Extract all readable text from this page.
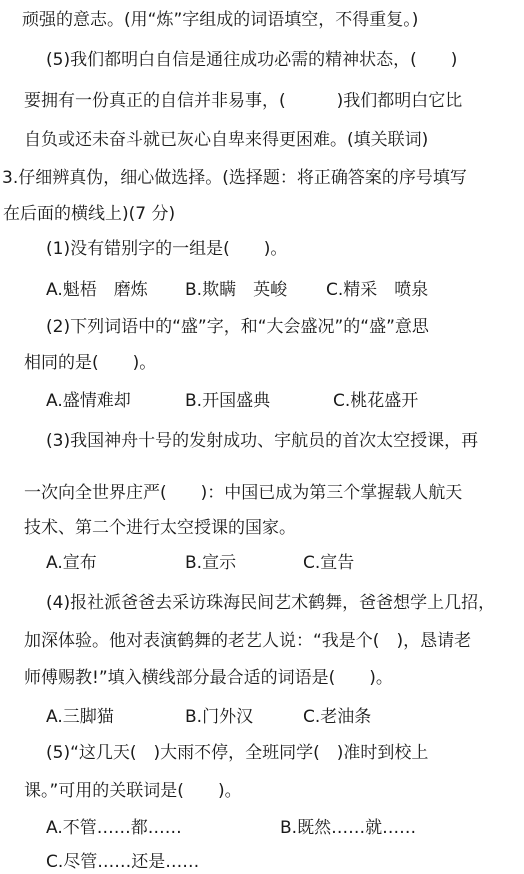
顽强的意志。(用“炼”字组成的词语填空，不得重复。)
(5)我们都明白自信是通往成功必需的精神状态，(　　)
要拥有一份真正的自信并非易事，(　　　)我们都明白它比
自负或还未奋斗就已灰心自卑来得更困难。(填关联词)
3.仔细辨真伪，细心做选择。(选择题：将正确答案的序号填写
在后面的横线上)(7 分)
(1)没有错别字的一组是(　　)。
A.魁梧　磨炼 B.欺瞒　英峻 C.精采　喷泉
(2)下列词语中的“盛”字，和“大会盛况”的“盛”意思
相同的是(　　)。
A.盛情难却	B.开国盛典	C.桃花盛开
(3)我国神舟十号的发射成功、宇航员的首次太空授课，再
一次向全世界庄严(　　)：中国已成为第三个掌握载人航天
技术、第二个进行太空授课的国家。
A.宣布	B.宣示	C.宣告
(4)报社派爸爸去采访珠海民间艺术鹤舞，爸爸想学上几招，
加深体验。他对表演鹤舞的老艺人说：“我是个(　)，恳请老
师傅赐教!”填入横线部分最合适的词语是(　　)。
A.三脚猫	B.门外汉	C.老油条
(5)“这几天(　)大雨不停，全班同学(　)准时到校上
课。”可用的关联词是(　　)。
A.不管……都……	B.既然……就……
C.尽管……还是……
